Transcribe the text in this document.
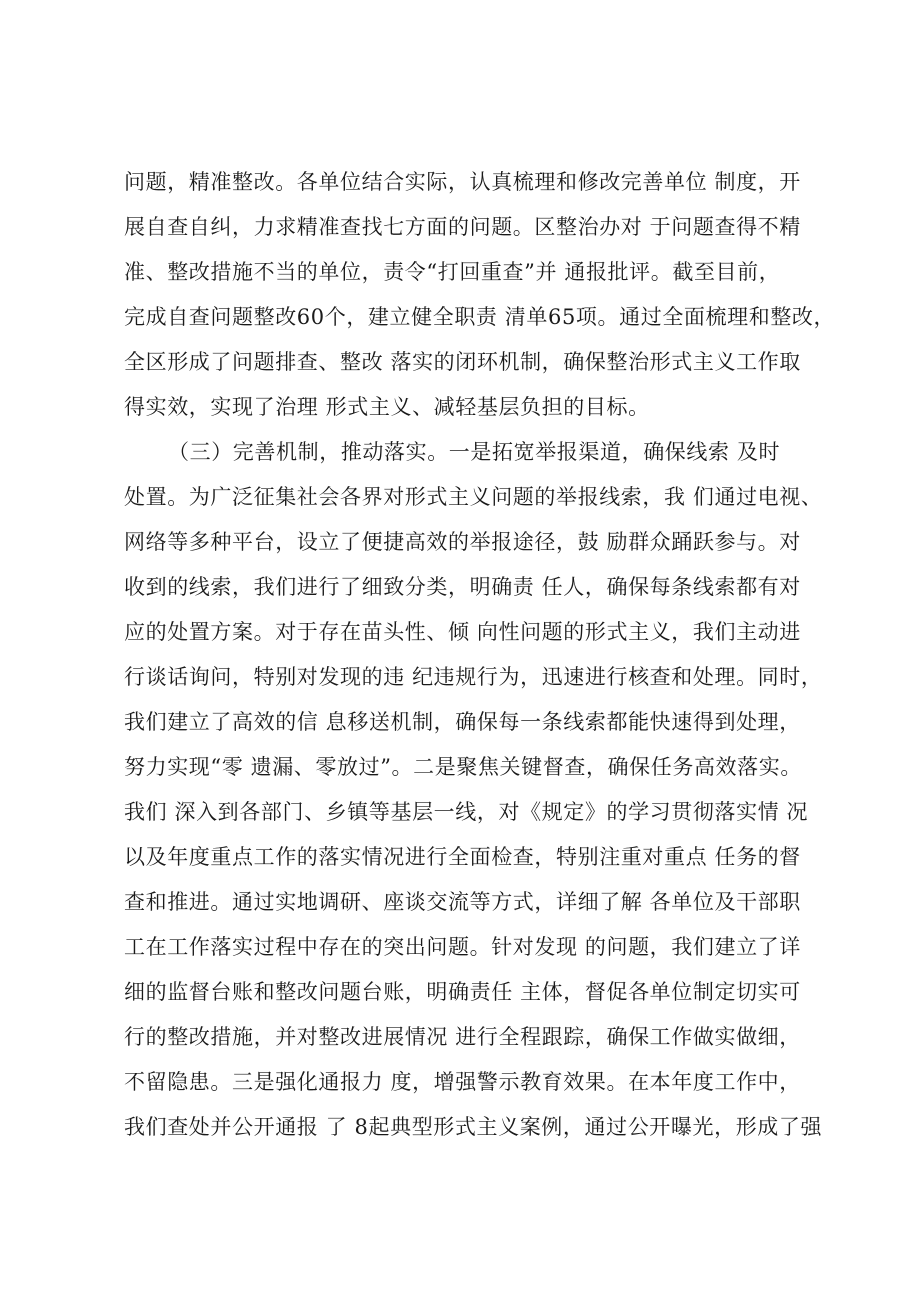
问题，精准整改。各单位结合实际，认真梳理和修改完善单位 制度，开
展自查自纠，力求精准查找七方面的问题。区整治办对 于问题查得不精
准、整改措施不当的单位，责令“打回重查”并 通报批评。截至目前，
完成自查问题整改60个，建立健全职责 清单65项。通过全面梳理和整改，
全区形成了问题排查、整改 落实的闭环机制，确保整治形式主义工作取
得实效，实现了治理 形式主义、减轻基层负担的目标。
（三）完善机制，推动落实。一是拓宽举报渠道，确保线索 及时
处置。为广泛征集社会各界对形式主义问题的举报线索，我 们通过电视、
网络等多种平台，设立了便捷高效的举报途径，鼓 励群众踊跃参与。对
收到的线索，我们进行了细致分类，明确责 任人，确保每条线索都有对
应的处置方案。对于存在苗头性、倾 向性问题的形式主义，我们主动进
行谈话询问，特别对发现的违 纪违规行为，迅速进行核查和处理。同时，
我们建立了高效的信 息移送机制，确保每一条线索都能快速得到处理，
努力实现“零 遗漏、零放过”。二是聚焦关键督查，确保任务高效落实。
我们 深入到各部门、乡镇等基层一线，对《规定》的学习贯彻落实情 况
以及年度重点工作的落实情况进行全面检查，特别注重对重点 任务的督
查和推进。通过实地调研、座谈交流等方式，详细了解 各单位及干部职
工在工作落实过程中存在的突出问题。针对发现 的问题，我们建立了详
细的监督台账和整改问题台账，明确责任 主体，督促各单位制定切实可
行的整改措施，并对整改进展情况 进行全程跟踪，确保工作做实做细，
不留隐患。三是强化通报力 度，增强警示教育效果。在本年度工作中，
我们查处并公开通报 了 8起典型形式主义案例，通过公开曝光，形成了强
